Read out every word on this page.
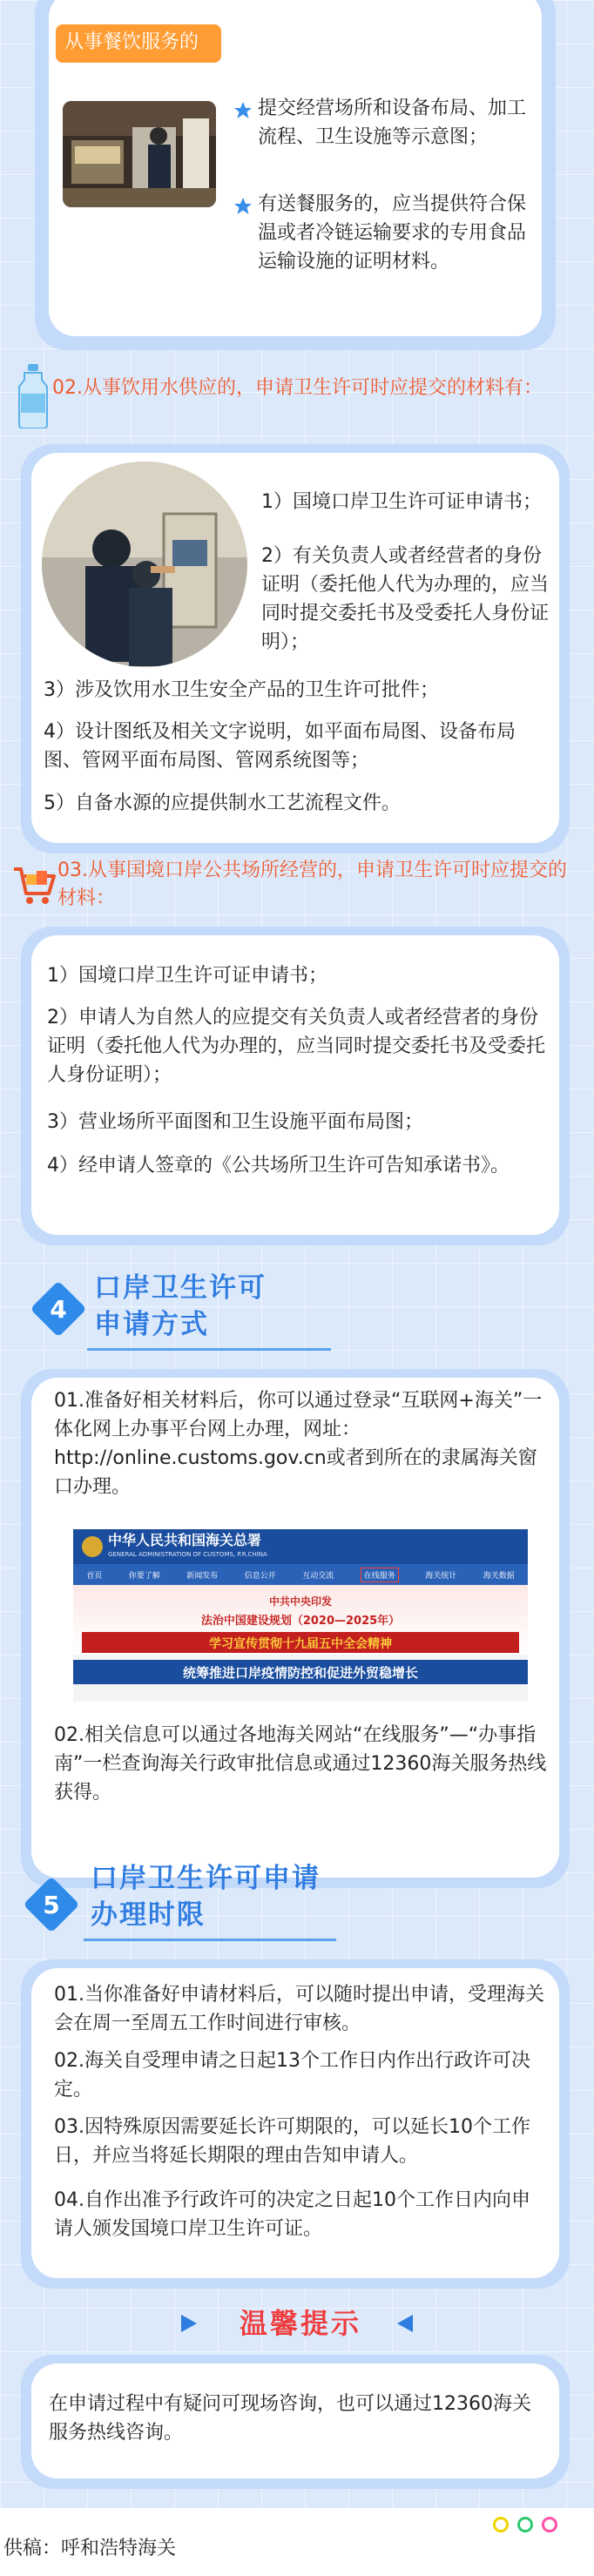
从事餐饮服务的
提交经营场所和设备布局、加工流程、卫生设施等示意图；
有送餐服务的，应当提供符合保温或者冷链运输要求的专用食品运输设施的证明材料。
02.从事饮用水供应的，申请卫生许可时应提交的材料有：
1）国境口岸卫生许可证申请书；
2）有关负责人或者经营者的身份证明（委托他人代为办理的，应当同时提交委托书及受委托人身份证明）；
3）涉及饮用水卫生安全产品的卫生许可批件；
4）设计图纸及相关文字说明，如平面布局图、设备布局图、管网平面布局图、管网系统图等；
5）自备水源的应提供制水工艺流程文件。
03.从事国境口岸公共场所经营的，申请卫生许可时应提交的材料：
1）国境口岸卫生许可证申请书；
2）申请人为自然人的应提交有关负责人或者经营者的身份证明（委托他人代为办理的，应当同时提交委托书及受委托人身份证明）；
3）营业场所平面图和卫生设施平面布局图；
4）经申请人签章的《公共场所卫生许可告知承诺书》。
4
口岸卫生许可
申请方式
01.准备好相关材料后，你可以通过登录“互联网+海关”一体化网上办事平台网上办理，网址：http://online.customs.gov.cn或者到所在的隶属海关窗口办理。
中华人民共和国海关总署
GENERAL ADMINISTRATION OF CUSTOMS, P.R.CHINA
首页	你要了解	新闻发布	信息公开	互动交流	在线服务	海关统计	海关数据
中共中央印发
法治中国建设规划（2020—2025年）
学习宣传贯彻十九届五中全会精神
统筹推进口岸疫情防控和促进外贸稳增长
02.相关信息可以通过各地海关网站“在线服务”—“办事指南”一栏查询海关行政审批信息或通过12360海关服务热线获得。
5
口岸卫生许可申请
办理时限
01.当你准备好申请材料后，可以随时提出申请，受理海关会在周一至周五工作时间进行审核。
02.海关自受理申请之日起13个工作日内作出行政许可决定。
03.因特殊原因需要延长许可期限的，可以延长10个工作日，并应当将延长期限的理由告知申请人。
04.自作出准予行政许可的决定之日起10个工作日内向申请人颁发国境口岸卫生许可证。
温馨提示
在申请过程中有疑问可现场咨询，也可以通过12360海关服务热线咨询。
供稿：呼和浩特海关
